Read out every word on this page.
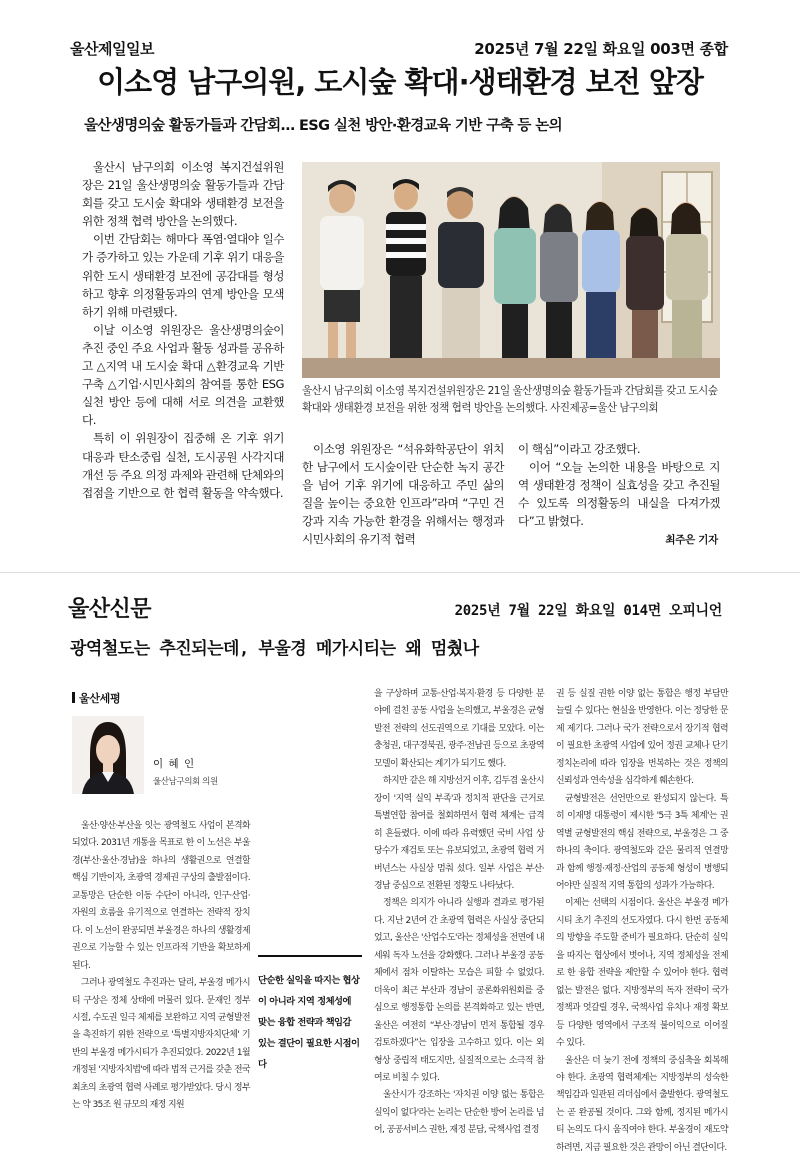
울산제일일보	2025년 7월 22일 화요일 003면 종합
이소영 남구의원, 도시숲 확대·생태환경 보전 앞장
울산생명의숲 활동가들과 간담회… ESG 실천 방안·환경교육 기반 구축 등 논의

울산시 남구의회 이소영 복지건설위원장은 21일 울산생명의숲 활동가들과 간담회를 갖고 도시숲 확대와 생태환경 보전을 위한 정책 협력 방안을 논의했다.

이번 간담회는 해마다 폭염·열대야 일수가 증가하고 있는 가운데 기후 위기 대응을 위한 도시 생태환경 보전에 공감대를 형성하고 향후 의정활동과의 연계 방안을 모색하기 위해 마련됐다.

이날 이소영 위원장은 울산생명의숲이 추진 중인 주요 사업과 활동 성과를 공유하고 △지역 내 도시숲 확대 △환경교육 기반 구축 △기업·시민사회의 참여를 통한 ESG 실천 방안 등에 대해 서로 의견을 교환했다.

특히 이 위원장이 집중해 온 기후 위기 대응과 탄소중립 실천, 도시공원 사각지대 개선 등 주요 의정 과제와 관련해 단체와의 접점을 기반으로 한 협력 활동을 약속했다.

울산시 남구의회 이소영 복지건설위원장은 21일 울산생명의숲 활동가들과 간담회를 갖고 도시숲 확대와 생태환경 보전을 위한 정책 협력 방안을 논의했다. 사진제공=울산 남구의회

이소영 위원장은 “석유화학공단이 위치한 남구에서 도시숲이란 단순한 녹지 공간을 넘어 기후 위기에 대응하고 주민 삶의 질을 높이는 중요한 인프라”라며 “구민 건강과 지속 가능한 환경을 위해서는 행정과 시민사회의 유기적 협력

이 핵심”이라고 강조했다.

이어 “오늘 논의한 내용을 바탕으로 지역 생태환경 정책이 실효성을 갖고 추진될 수 있도록 의정활동의 내실을 다져가겠다”고 밝혔다.

최주은 기자
울산신문	2025년 7월 22일 화요일 014면 오피니언
광역철도는 추진되는데, 부울경 메가시티는 왜 멈췄나
울산세평
이 혜 인
울산남구의회 의원

울산·양산·부산을 잇는 광역철도 사업이 본격화되었다. 2031년 개통을 목표로 한 이 노선은 부울경(부산·울산·경남)을 하나의 생활권으로 연결할 핵심 기반이자, 초광역 경제권 구상의 출발점이다. 교통망은 단순한 이동 수단이 아니라, 인구·산업·자원의 흐름을 유기적으로 연결하는 전략적 장치다. 이 노선이 완공되면 부울경은 하나의 생활경제권으로 기능할 수 있는 인프라적 기반을 확보하게 된다.

그러나 광역철도 추진과는 달리, 부울경 메가시티 구상은 정체 상태에 머물러 있다. 문재인 정부 시절, 수도권 일극 체제를 보완하고 지역 균형발전을 촉진하기 위한 전략으로 '특별지방자치단체' 기반의 부울경 메가시티가 추진되었다. 2022년 1월 개정된 '지방자치법'에 따라 법적 근거를 갖춘 전국 최초의 초광역 협력 사례로 평가받았다. 당시 정부는 약 35조 원 규모의 재정 지원

단순한 실익을 따지는 협상이 아니라 지역 정체성에 맞는 융합 전략과 책임감 있는 결단이 필요한 시점이다

을 구상하며 교통·산업·복지·환경 등 다양한 분야에 걸친 공동 사업을 논의했고, 부울경은 균형발전 전략의 선도권역으로 기대를 모았다. 이는 충청권, 대구경북권, 광주·전남권 등으로 초광역 모델이 확산되는 계기가 되기도 했다.

하지만 같은 해 지방선거 이후, 김두겸 울산시장이 '지역 실익 부족'과 정치적 판단을 근거로 특별연합 참여를 철회하면서 협력 체계는 급격히 흔들렸다. 이에 따라 유력했던 국비 사업 상당수가 재검토 또는 유보되었고, 초광역 협력 거버넌스는 사실상 멈춰 섰다. 일부 사업은 부산·경남 중심으로 전환된 정황도 나타났다.

정책은 의지가 아니라 실행과 결과로 평가된다. 지난 2년여 간 초광역 협력은 사실상 중단되었고, 울산은 '산업수도'라는 정체성을 전면에 내세워 독자 노선을 강화했다. 그러나 부울경 공동체에서 점차 이탈하는 모습은 피할 수 없었다. 더욱이 최근 부산과 경남이 공론화위원회를 중심으로 행정통합 논의를 본격화하고 있는 반면, 울산은 여전히 “부산·경남이 먼저 통합될 경우 검토하겠다”는 입장을 고수하고 있다. 이는 외형상 중립적 태도지만, 실질적으로는 소극적 참여로 비칠 수 있다.

울산시가 강조하는 '자치권 이양 없는 통합은 실익이 없다'라는 논리는 단순한 방어 논리를 넘어, 공공서비스 권한, 재정 분담, 국책사업 결정

권 등 실질 권한 이양 없는 통합은 행정 부담만 늘릴 수 있다는 현실을 반영한다. 이는 정당한 문제 제기다. 그러나 국가 전략으로서 장기적 협력이 필요한 초광역 사업에 있어 정권 교체나 단기 정치논리에 따라 입장을 번복하는 것은 정책의 신뢰성과 연속성을 심각하게 훼손한다.

균형발전은 선언만으로 완성되지 않는다. 특히 이재명 대통령이 제시한 '5극 3특 체계'는 권역별 균형발전의 핵심 전략으로, 부울경은 그 중 하나의 축이다. 광역철도와 같은 물리적 연결망과 함께 행정·재정·산업의 공동체 형성이 병행되어야만 실질적 지역 통합의 성과가 가능하다.

이제는 선택의 시점이다. 울산은 부울경 메가시티 초기 추진의 선도자였다. 다시 한번 공동체의 방향을 주도할 준비가 필요하다. 단순히 실익을 따지는 협상에서 벗어나, 지역 정체성을 전제로 한 융합 전략을 제안할 수 있어야 한다. 협력 없는 발전은 없다. 지방정부의 독자 전략이 국가 정책과 엇갈릴 경우, 국책사업 유치나 재정 확보 등 다양한 영역에서 구조적 불이익으로 이어질 수 있다.

울산은 더 늦기 전에 정책의 중심축을 회복해야 한다. 초광역 협력체계는 지방정부의 성숙한 책임감과 일관된 리더십에서 출발한다. 광역철도는 곧 완공될 것이다. 그와 함께, 정지된 메가시티 논의도 다시 움직여야 한다. 부울경이 재도약하려면, 지금 필요한 것은 관망이 아닌 결단이다.
